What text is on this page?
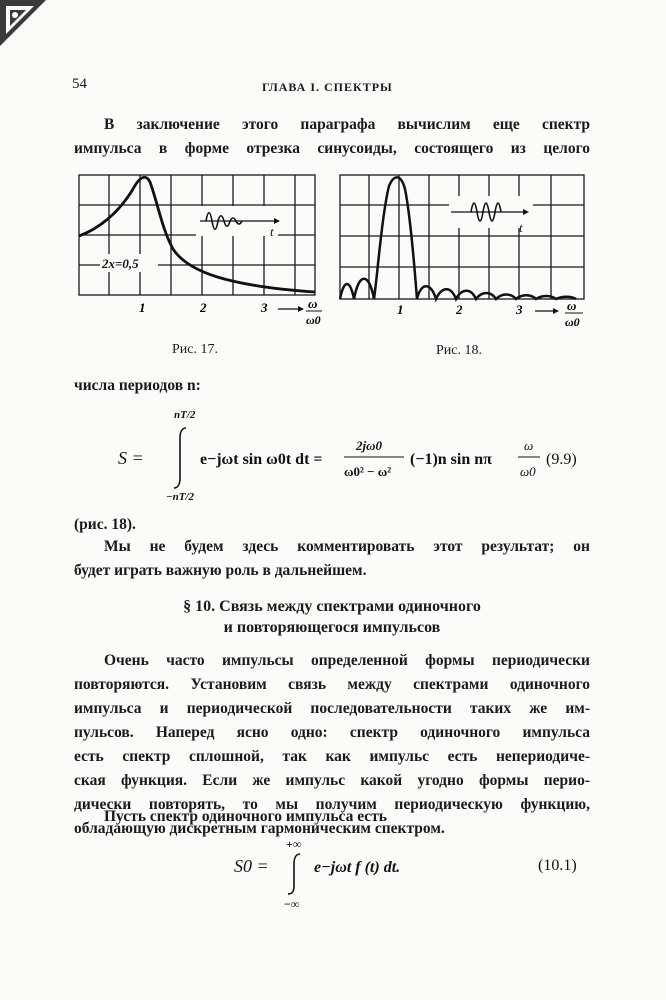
54	ГЛАВА I. СПЕКТРЫ
В заключение этого параграфа вычислим еще спектр
импульса в форме отрезка синусоиды, состоящего из целого
t
2x=0,5
1	2	3	ω
ω0
t
1	2	3	ω
ω0
Рис. 17.	Рис. 18.
числа периодов n:
S =
nT/2
−nT/2
e−jωt sin ω0t dt =
2jω0
ω0² − ω²
(−1)n sin nπ
ω
ω0
(9.9)
(рис. 18).
Мы не будем здесь комментировать этот результат; он
будет играть важную роль в дальнейшем.
§ 10. Связь между спектрами одиночного
и повторяющегося импульсов
Очень часто импульсы определенной формы периодически
повторяются. Установим связь между спектрами одиночного
импульса и периодической последовательности таких же им-
пульсов. Наперед ясно одно: спектр одиночного импульса
есть спектр сплошной, так как импульс есть непериодиче-
ская функция. Если же импульс какой угодно формы перио-
дически повторять, то мы получим периодическую функцию,
обладающую дискретным гармоническим спектром.
Пусть спектр одиночного импульса есть
S0 =
+∞
−∞
e−jωt f (t) dt.	(10.1)
